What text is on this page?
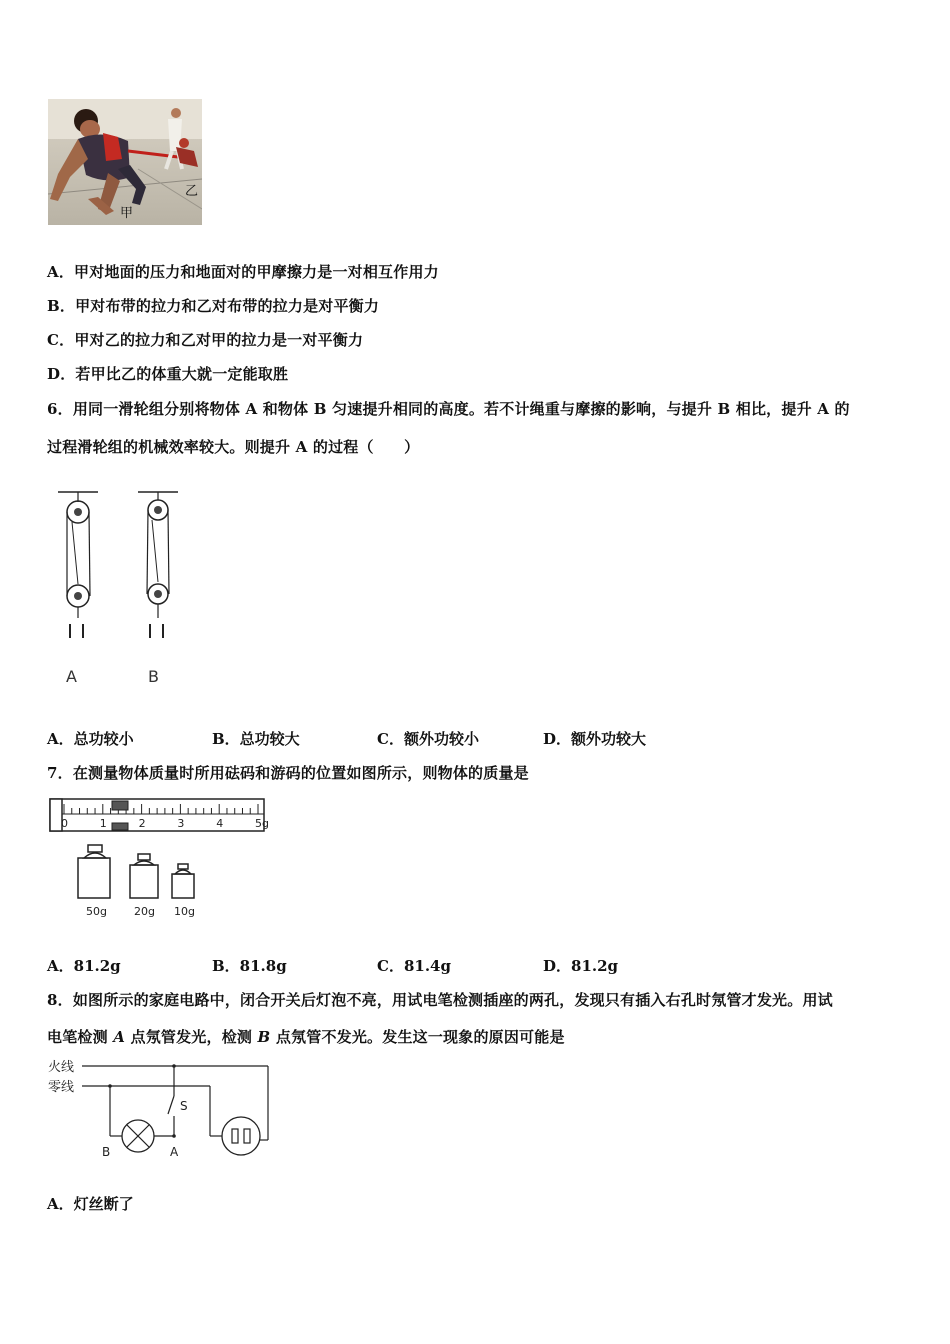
乙
甲
A．甲对地面的压力和地面对的甲摩擦力是一对相互作用力
B．甲对布带的拉力和乙对布带的拉力是对平衡力
C．甲对乙的拉力和乙对甲的拉力是一对平衡力
D．若甲比乙的体重大就一定能取胜
6．用同一滑轮组分别将物体 A 和物体 B 匀速提升相同的高度。若不计绳重与摩擦的影响，与提升 B 相比，提升 A 的
过程滑轮组的机械效率较大。则提升 A 的过程（　　）
A	B
A．总功较小	B．总功较大	C．额外功较小	D．额外功较大
7．在测量物体质量时所用砝码和游码的位置如图所示，则物体的质量是
0	1	2	3	4	5g
50g 20g 10g
A．81.2g	B．81.8g	C．81.4g	D．81.2g
8．如图所示的家庭电路中，闭合开关后灯泡不亮，用试电笔检测插座的两孔，发现只有插入右孔时氖管才发光。用试
电笔检测 A 点氖管发光，检测 B 点氖管不发光。发生这一现象的原因可能是
火线
零线
S
B	A
A．灯丝断了
